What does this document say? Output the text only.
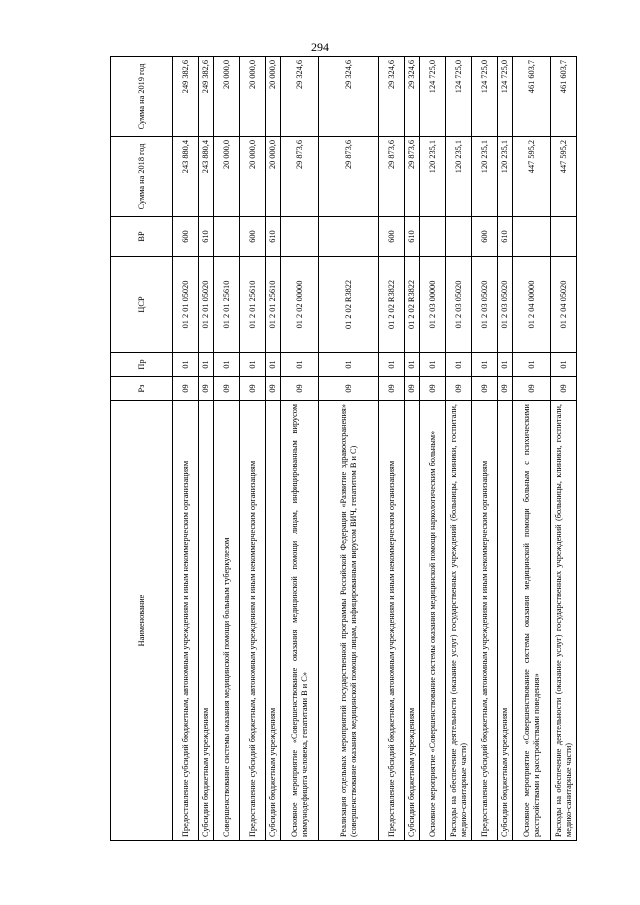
294
Наименование	Рз	Пр	ЦСР	ВР	Сумма на 2018 год	Сумма на 2019 год
Предоставление субсидий бюджетным, автономным учреждениям и иным некоммерческим организациям	09	01	01 2 01 05020	600	243 880,4	249 382,6
Субсидии бюджетным учреждениям	09	01	01 2 01 05020	610	243 880,4	249 382,6
Совершенствование системы оказания медицинской помощи больным туберкулезом	09	01	01 2 01 25610		20 000,0	20 000,0
Предоставление субсидий бюджетным, автономным учреждениям и иным некоммерческим организациям	09	01	01 2 01 25610	600	20 000,0	20 000,0
Субсидии бюджетным учреждениям	09	01	01 2 01 25610	610	20 000,0	20 000,0
Основное мероприятие «Совершенствование оказания медицинской помощи лицам, инфицированным вирусом иммунодефицита человека, гепатитами В и С»	09	01	01 2 02 00000		29 873,6	29 324,6
Реализация отдельных мероприятий государственной программы Российской Федерации «Развитие здравоохранения» (совершенствование оказания медицинской помощи лицам, инфицированным вирусом ВИЧ, гепатитом В и С)	09	01	01 2 02 R3822		29 873,6	29 324,6
Предоставление субсидий бюджетным, автономным учреждениям и иным некоммерческим организациям	09	01	01 2 02 R3822	600	29 873,6	29 324,6
Субсидии бюджетным учреждениям	09	01	01 2 02 R3822	610	29 873,6	29 324,6
Основное мероприятие «Совершенствование системы оказания медицинской помощи наркологическим больным»	09	01	01 2 03 00000		120 235,1	124 725,0
Расходы на обеспечение деятельности (оказание услуг) государственных учреждений (больницы, клиники, госпитали, медико-санитарные части)	09	01	01 2 03 05020		120 235,1	124 725,0
Предоставление субсидий бюджетным, автономным учреждениям и иным некоммерческим организациям	09	01	01 2 03 05020	600	120 235,1	124 725,0
Субсидии бюджетным учреждениям	09	01	01 2 03 05020	610	120 235,1	124 725,0
Основное мероприятие «Совершенствование системы оказания медицинской помощи больным с психическими расстройствами и расстройствами поведения»	09	01	01 2 04 00000		447 595,2	461 603,7
Расходы на обеспечение деятельности (оказание услуг) государственных учреждений (больницы, клиники, госпитали, медико-санитарные части)	09	01	01 2 04 05020		447 595,2	461 603,7
